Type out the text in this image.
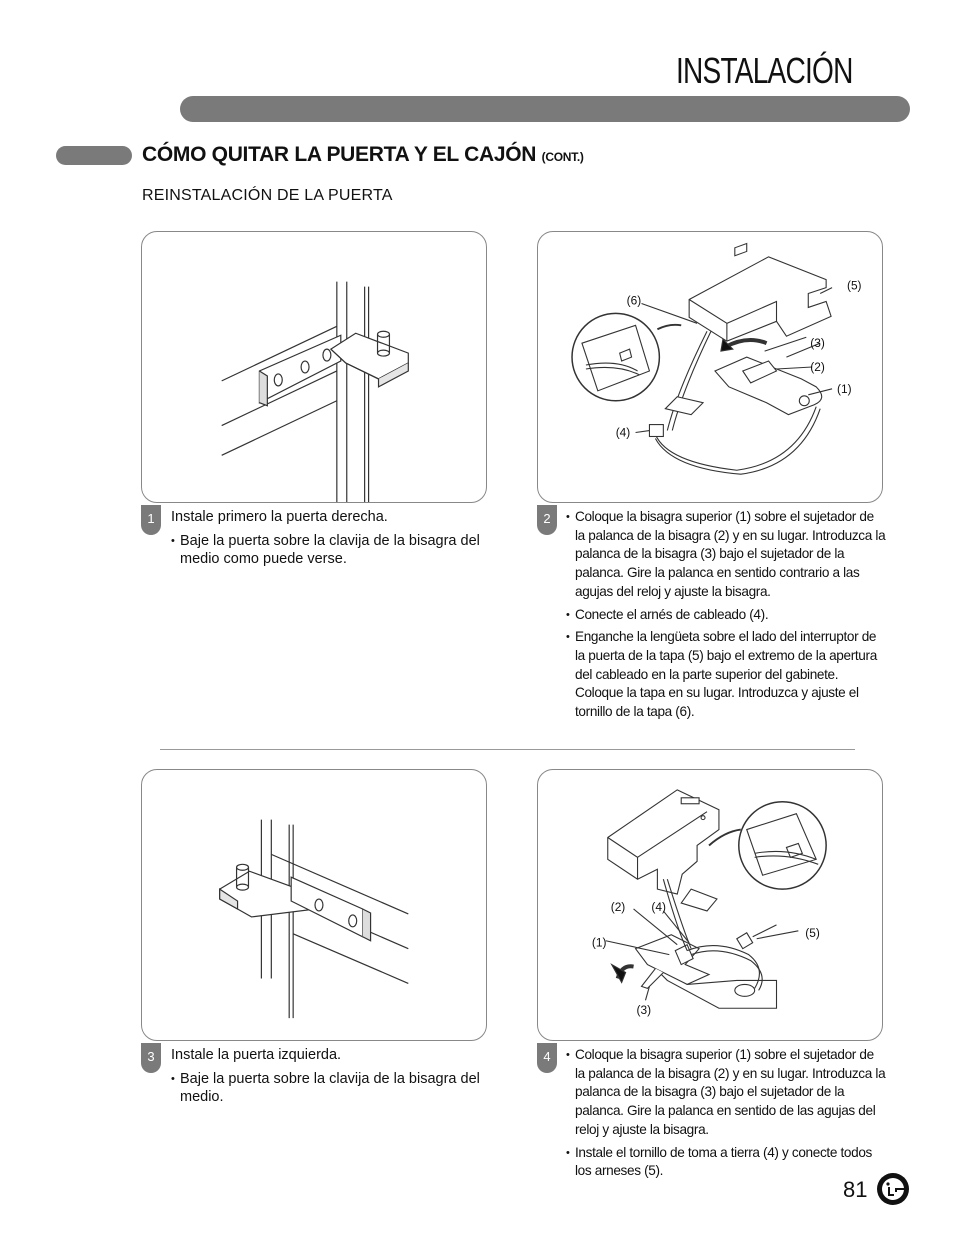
INSTALACIÓN
CÓMO QUITAR LA PUERTA Y EL CAJÓN (CONT.)
REINSTALACIÓN DE LA PUERTA
1	Instale primero la puerta derecha.
• Baje la puerta sobre la clavija de la bisagra del medio como puede verse.
(6)
(5)
(3)
(2)
(1)
(4)
2	• Coloque la bisagra superior (1) sobre el sujetador de la palanca de la bisagra (2) y en su lugar. Introduzca la palanca de la bisagra (3) bajo el sujetador de la palanca. Gire la palanca en sentido contrario a las agujas del reloj y ajuste la bisagra.
• Conecte el arnés de cableado (4).
• Enganche la lengüeta sobre el lado del interruptor de la puerta de la tapa (5) bajo el extremo de la apertura del cableado en la parte superior del gabinete. Coloque la tapa en su lugar. Introduzca y ajuste el tornillo de la tapa (6).
3	Instale la puerta izquierda.
• Baje la puerta sobre la clavija de la bisagra del medio.
(2) (4)
(1)
(5)
(3)
4	• Coloque la bisagra superior (1) sobre el sujetador de la palanca de la bisagra (2) y en su lugar. Introduzca la palanca de la bisagra (3) bajo el sujetador de la palanca. Gire la palanca en sentido de las agujas del reloj y ajuste la bisagra.
• Instale el tornillo de toma a tierra (4) y conecte todos los arneses (5).
81
